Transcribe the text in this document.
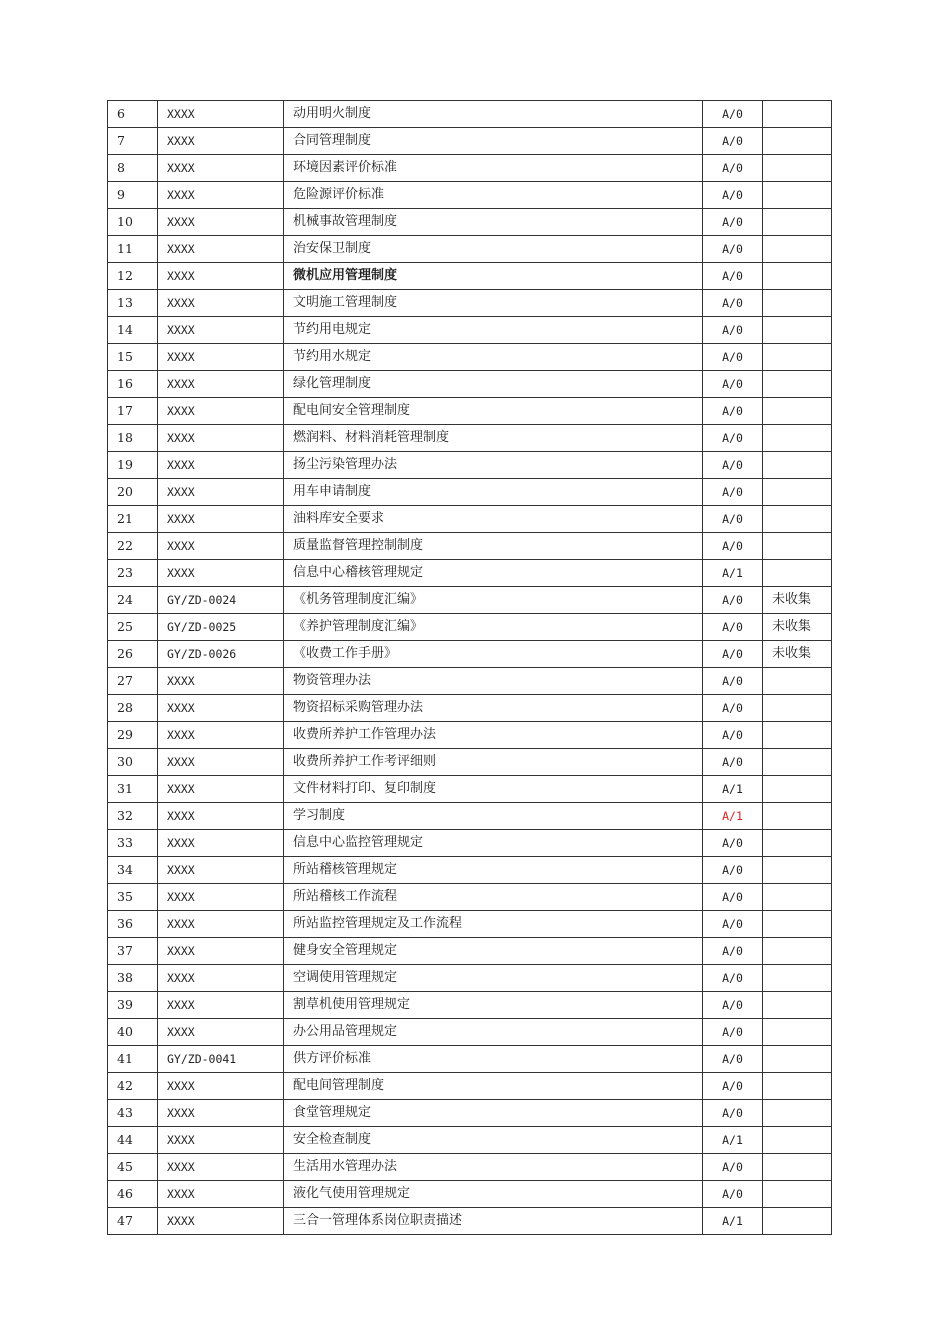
6	XXXX	动用明火制度	A/0	
7	XXXX	合同管理制度	A/0	
8	XXXX	环境因素评价标准	A/0	
9	XXXX	危险源评价标准	A/0	
10	XXXX	机械事故管理制度	A/0	
11	XXXX	治安保卫制度	A/0	
12	XXXX	微机应用管理制度	A/0	
13	XXXX	文明施工管理制度	A/0	
14	XXXX	节约用电规定	A/0	
15	XXXX	节约用水规定	A/0	
16	XXXX	绿化管理制度	A/0	
17	XXXX	配电间安全管理制度	A/0	
18	XXXX	燃润料、材料消耗管理制度	A/0	
19	XXXX	扬尘污染管理办法	A/0	
20	XXXX	用车申请制度	A/0	
21	XXXX	油料库安全要求	A/0	
22	XXXX	质量监督管理控制制度	A/0	
23	XXXX	信息中心稽核管理规定	A/1	
24	GY/ZD-0024	《机务管理制度汇编》	A/0	未收集
25	GY/ZD-0025	《养护管理制度汇编》	A/0	未收集
26	GY/ZD-0026	《收费工作手册》	A/0	未收集
27	XXXX	物资管理办法	A/0	
28	XXXX	物资招标采购管理办法	A/0	
29	XXXX	收费所养护工作管理办法	A/0	
30	XXXX	收费所养护工作考评细则	A/0	
31	XXXX	文件材料打印、复印制度	A/1	
32	XXXX	学习制度	A/1	
33	XXXX	信息中心监控管理规定	A/0	
34	XXXX	所站稽核管理规定	A/0	
35	XXXX	所站稽核工作流程	A/0	
36	XXXX	所站监控管理规定及工作流程	A/0	
37	XXXX	健身安全管理规定	A/0	
38	XXXX	空调使用管理规定	A/0	
39	XXXX	割草机使用管理规定	A/0	
40	XXXX	办公用品管理规定	A/0	
41	GY/ZD-0041	供方评价标准	A/0	
42	XXXX	配电间管理制度	A/0	
43	XXXX	食堂管理规定	A/0	
44	XXXX	安全检查制度	A/1	
45	XXXX	生活用水管理办法	A/0	
46	XXXX	液化气使用管理规定	A/0	
47	XXXX	三合一管理体系岗位职责描述	A/1	
